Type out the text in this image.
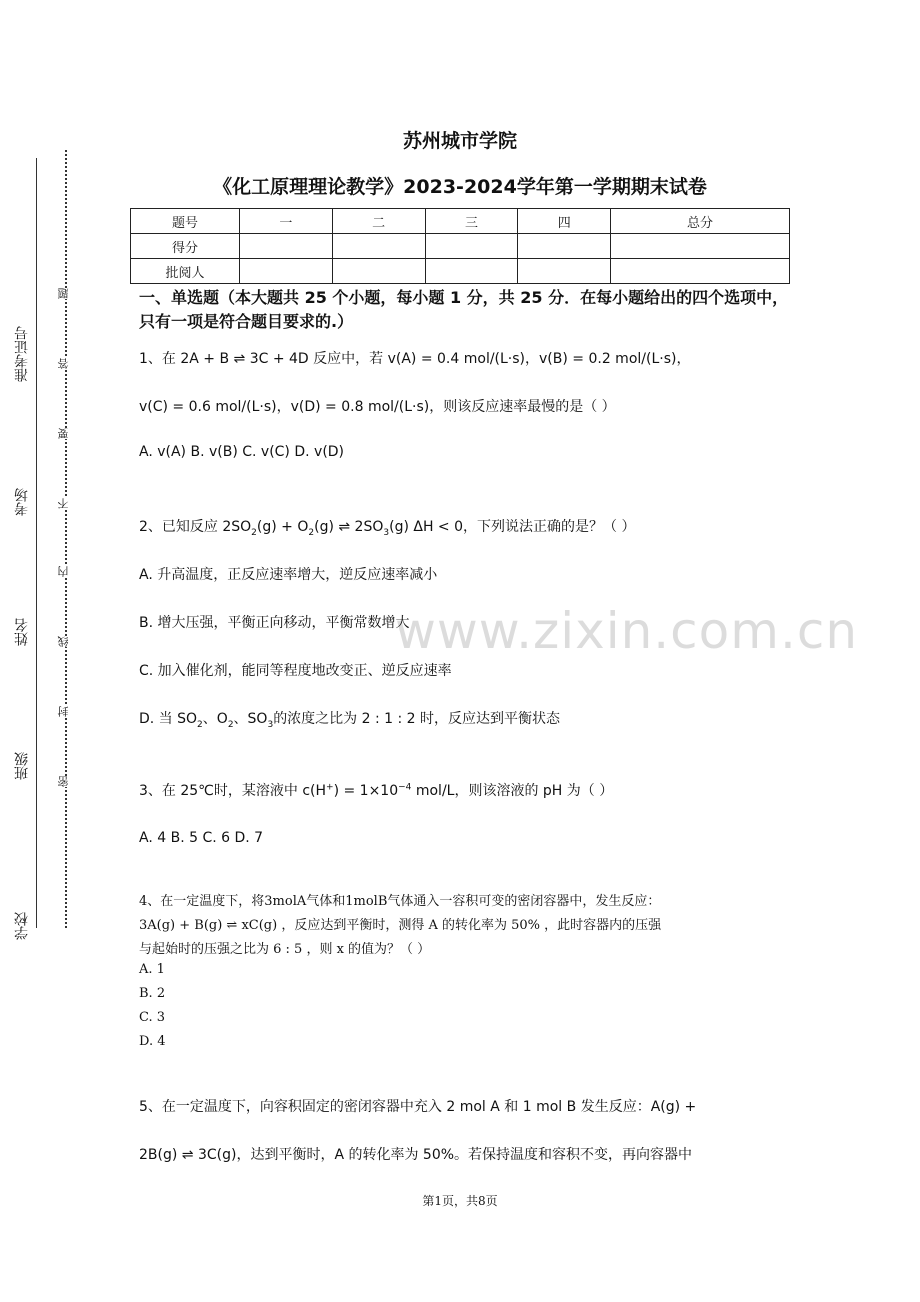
准考证号
考场
姓名
班级
学校
题
答
要
不
内
线
封
密
苏州城市学院
《化工原理理论教学》2023-2024学年第一学期期末试卷
题号	一	二	三	四	总分
得分					
批阅人					
一、单选题（本大题共 25 个小题，每小题 1 分，共 25 分．在每小题给出的四个选项中，只有一项是符合题目要求的.）
www.zixin.com.cn
1、在 2A + B ⇌ 3C + 4D 反应中，若 v(A) = 0.4 mol/(L·s)，v(B) = 0.2 mol/(L·s)，
v(C) = 0.6 mol/(L·s)，v(D) = 0.8 mol/(L·s)，则该反应速率最慢的是（ ）
A. v(A) B. v(B) C. v(C) D. v(D)
2、已知反应 $2SO_2(g) + O_2(g)$ ⇌ $2SO_3(g) \Delta H < 0$，下列说法正确的是？（ ）
A. 升高温度，正反应速率增大，逆反应速率减小
B. 增大压强，平衡正向移动，平衡常数增大
C. 加入催化剂，能同等程度地改变正、逆反应速率
D. 当 $SO_2$、$O_2$、$SO_3$的浓度之比为 2 : 1 : 2 时，反应达到平衡状态
3、在 25℃时，某溶液中 $c(H^+) = 1\times 10^{-4}$ mol/L，则该溶液的 pH 为（ ）
A. 4 B. 5 C. 6 D. 7
4、在一定温度下，将3molA气体和1molB气体通入一容积可变的密闭容器中，发生反应：
3A(g) + B(g) ⇌ xC(g) ，反应达到平衡时，测得 A 的转化率为 50% ，此时容器内的压强
与起始时的压强之比为 6 : 5 ，则 x 的值为？（ ）
A. 1
B. 2
C. 3
D. 4
5、在一定温度下，向容积固定的密闭容器中充入 2 mol A 和 1 mol B 发生反应：A(g) +
2B(g) ⇌ 3C(g)，达到平衡时，A 的转化率为 50%。若保持温度和容积不变，再向容器中
第1页，共8页
